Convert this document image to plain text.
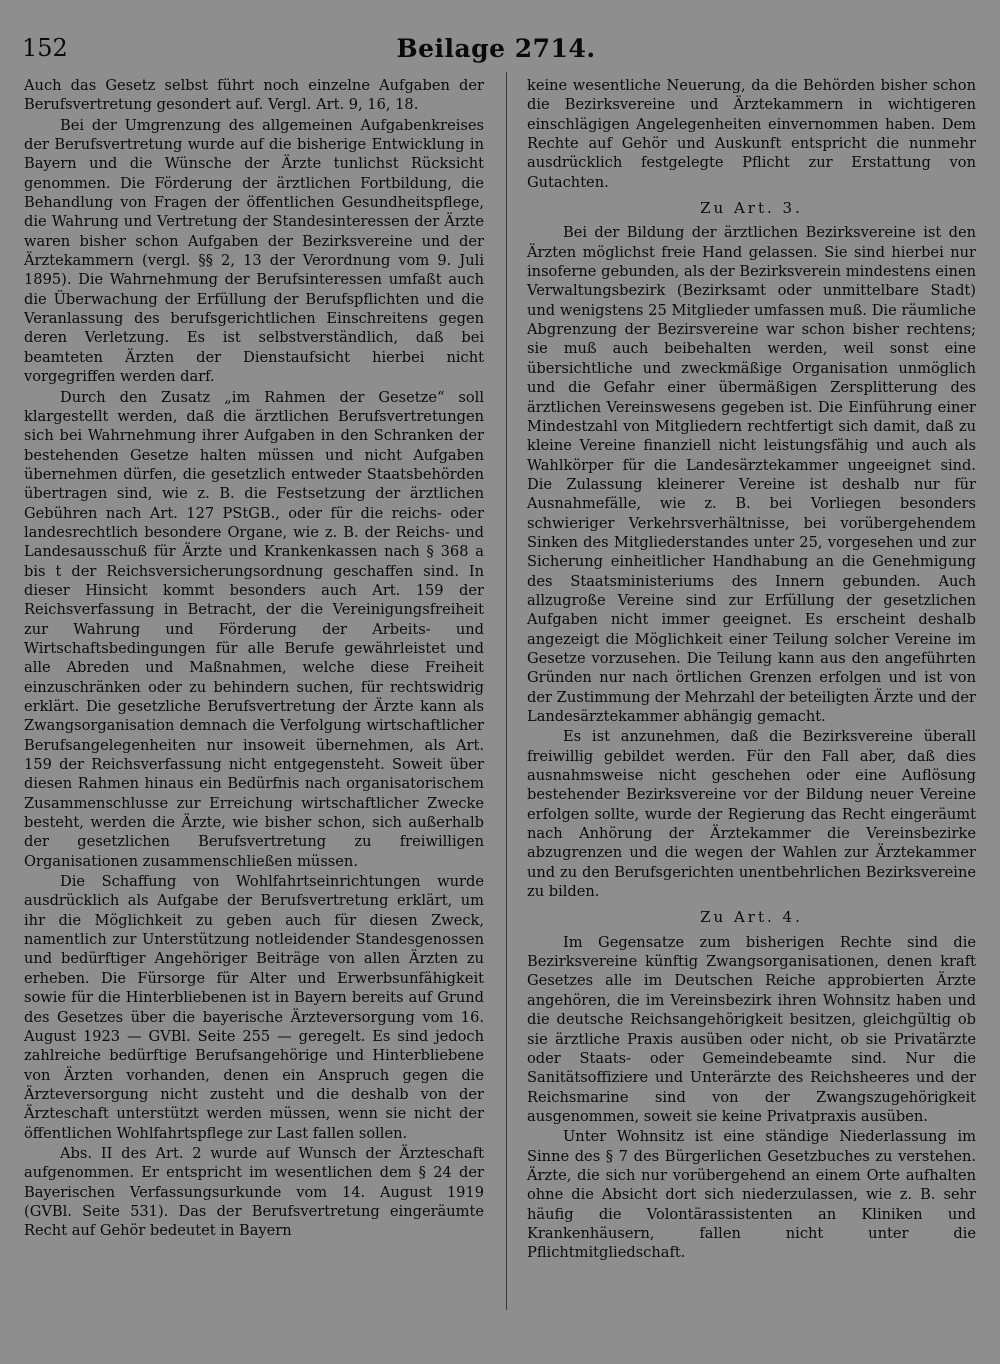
152	Beilage 2714.

Auch das Gesetz selbst führt noch einzelne Aufgaben der Berufsvertretung gesondert auf. Vergl. Art. 9, 16, 18.

Bei der Umgrenzung des allgemeinen Aufgabenkreises der Berufsvertretung wurde auf die bisherige Entwicklung in Bayern und die Wünsche der Ärzte tunlichst Rücksicht genommen. Die Förderung der ärztlichen Fortbildung, die Behandlung von Fragen der öffentlichen Gesundheitspflege, die Wahrung und Vertretung der Standesinteressen der Ärzte waren bisher schon Aufgaben der Bezirksvereine und der Ärztekammern (vergl. §§ 2, 13 der Verordnung vom 9. Juli 1895). Die Wahrnehmung der Berufsinteressen umfaßt auch die Überwachung der Erfüllung der Berufspflichten und die Veranlassung des berufsgerichtlichen Einschreitens gegen deren Verletzung. Es ist selbstverständlich, daß bei beamteten Ärzten der Dienstaufsicht hierbei nicht vorgegriffen werden darf.

Durch den Zusatz „im Rahmen der Gesetze“ soll klargestellt werden, daß die ärztlichen Berufsvertretungen sich bei Wahrnehmung ihrer Aufgaben in den Schranken der bestehenden Gesetze halten müssen und nicht Aufgaben übernehmen dürfen, die gesetzlich entweder Staatsbehörden übertragen sind, wie z. B. die Festsetzung der ärztlichen Gebühren nach Art. 127 PStGB., oder für die reichs- oder landesrechtlich besondere Organe, wie z. B. der Reichs- und Landesausschuß für Ärzte und Krankenkassen nach § 368 a bis t der Reichsversicherungsordnung geschaffen sind. In dieser Hinsicht kommt besonders auch Art. 159 der Reichsverfassung in Betracht, der die Vereinigungsfreiheit zur Wahrung und Förderung der Arbeits- und Wirtschaftsbedingungen für alle Berufe gewährleistet und alle Abreden und Maßnahmen, welche diese Freiheit einzuschränken oder zu behindern suchen, für rechtswidrig erklärt. Die gesetzliche Berufsvertretung der Ärzte kann als Zwangsorganisation demnach die Verfolgung wirtschaftlicher Berufsangelegenheiten nur insoweit übernehmen, als Art. 159 der Reichsverfassung nicht entgegensteht. Soweit über diesen Rahmen hinaus ein Bedürfnis nach organisatorischem Zusammenschlusse zur Erreichung wirtschaftlicher Zwecke besteht, werden die Ärzte, wie bisher schon, sich außerhalb der gesetzlichen Berufsvertretung zu freiwilligen Organisationen zusammenschließen müssen.

Die Schaffung von Wohlfahrtseinrichtungen wurde ausdrücklich als Aufgabe der Berufsvertretung erklärt, um ihr die Möglichkeit zu geben auch für diesen Zweck, namentlich zur Unterstützung notleidender Standesgenossen und bedürftiger Angehöriger Beiträge von allen Ärzten zu erheben. Die Fürsorge für Alter und Erwerbsunfähigkeit sowie für die Hinterbliebenen ist in Bayern bereits auf Grund des Gesetzes über die bayerische Ärzteversorgung vom 16. August 1923 — GVBl. Seite 255 — geregelt. Es sind jedoch zahlreiche bedürftige Berufsangehörige und Hinterbliebene von Ärzten vorhanden, denen ein Anspruch gegen die Ärzteversorgung nicht zusteht und die deshalb von der Ärzteschaft unterstützt werden müssen, wenn sie nicht der öffentlichen Wohlfahrtspflege zur Last fallen sollen.

Abs. II des Art. 2 wurde auf Wunsch der Ärzteschaft aufgenommen. Er entspricht im wesentlichen dem § 24 der Bayerischen Verfassungsurkunde vom 14. August 1919 (GVBl. Seite 531). Das der Berufsvertretung eingeräumte Recht auf Gehör bedeutet in Bayern

keine wesentliche Neuerung, da die Behörden bisher schon die Bezirksvereine und Ärztekammern in wichtigeren einschlägigen Angelegenheiten einvernommen haben. Dem Rechte auf Gehör und Auskunft entspricht die nunmehr ausdrücklich festgelegte Pflicht zur Erstattung von Gutachten.

Zu Art. 3.

Bei der Bildung der ärztlichen Bezirksvereine ist den Ärzten möglichst freie Hand gelassen. Sie sind hierbei nur insoferne gebunden, als der Bezirksverein mindestens einen Verwaltungsbezirk (Bezirksamt oder unmittelbare Stadt) und wenigstens 25 Mitglieder umfassen muß. Die räumliche Abgrenzung der Bezirsvereine war schon bisher rechtens; sie muß auch beibehalten werden, weil sonst eine übersichtliche und zweckmäßige Organisation unmöglich und die Gefahr einer übermäßigen Zersplitterung des ärztlichen Vereinswesens gegeben ist. Die Einführung einer Mindestzahl von Mitgliedern rechtfertigt sich damit, daß zu kleine Vereine finanziell nicht leistungsfähig und auch als Wahlkörper für die Landesärztekammer ungeeignet sind. Die Zulassung kleinerer Vereine ist deshalb nur für Ausnahmefälle, wie z. B. bei Vorliegen besonders schwieriger Verkehrsverhältnisse, bei vorübergehendem Sinken des Mitgliederstandes unter 25, vorgesehen und zur Sicherung einheitlicher Handhabung an die Genehmigung des Staatsministeriums des Innern gebunden. Auch allzugroße Vereine sind zur Erfüllung der gesetzlichen Aufgaben nicht immer geeignet. Es erscheint deshalb angezeigt die Möglichkeit einer Teilung solcher Vereine im Gesetze vorzusehen. Die Teilung kann aus den angeführten Gründen nur nach örtlichen Grenzen erfolgen und ist von der Zustimmung der Mehrzahl der beteiligten Ärzte und der Landesärztekammer abhängig gemacht.

Es ist anzunehmen, daß die Bezirksvereine überall freiwillig gebildet werden. Für den Fall aber, daß dies ausnahmsweise nicht geschehen oder eine Auflösung bestehender Bezirksvereine vor der Bildung neuer Vereine erfolgen sollte, wurde der Regierung das Recht eingeräumt nach Anhörung der Ärztekammer die Vereinsbezirke abzugrenzen und die wegen der Wahlen zur Ärztekammer und zu den Berufsgerichten unentbehrlichen Bezirksvereine zu bilden.

Zu Art. 4.

Im Gegensatze zum bisherigen Rechte sind die Bezirksvereine künftig Zwangsorganisationen, denen kraft Gesetzes alle im Deutschen Reiche approbierten Ärzte angehören, die im Vereinsbezirk ihren Wohnsitz haben und die deutsche Reichsangehörigkeit besitzen, gleichgültig ob sie ärztliche Praxis ausüben oder nicht, ob sie Privatärzte oder Staats- oder Gemeindebeamte sind. Nur die Sanitätsoffiziere und Unterärzte des Reichsheeres und der Reichsmarine sind von der Zwangszugehörigkeit ausgenommen, soweit sie keine Privatpraxis ausüben.

Unter Wohnsitz ist eine ständige Niederlassung im Sinne des § 7 des Bürgerlichen Gesetzbuches zu verstehen. Ärzte, die sich nur vorübergehend an einem Orte aufhalten ohne die Absicht dort sich niederzulassen, wie z. B. sehr häufig die Volontärassistenten an Kliniken und Krankenhäusern, fallen nicht unter die Pflichtmitgliedschaft.
